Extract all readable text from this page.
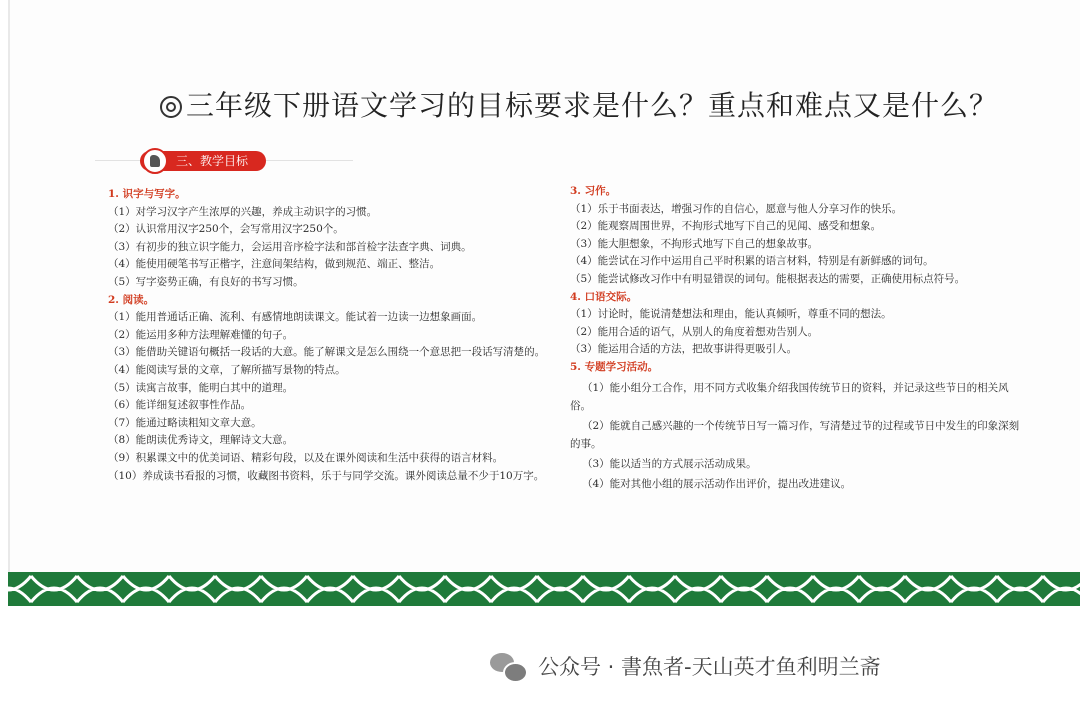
三年级下册语文学习的目标要求是什么？重点和难点又是什么？
三、教学目标
1. 识字与写字。
（1）对学习汉字产生浓厚的兴趣，养成主动识字的习惯。
（2）认识常用汉字250个，会写常用汉字250个。
（3）有初步的独立识字能力，会运用音序检字法和部首检字法查字典、词典。
（4）能使用硬笔书写正楷字，注意间架结构，做到规范、端正、整洁。
（5）写字姿势正确，有良好的书写习惯。
2. 阅读。
（1）能用普通话正确、流利、有感情地朗读课文。能试着一边读一边想象画面。
（2）能运用多种方法理解难懂的句子。
（3）能借助关键语句概括一段话的大意。能了解课文是怎么围绕一个意思把一段话写清楚的。
（4）能阅读写景的文章，了解所描写景物的特点。
（5）读寓言故事，能明白其中的道理。
（6）能详细复述叙事性作品。
（7）能通过略读粗知文章大意。
（8）能朗读优秀诗文，理解诗文大意。
（9）积累课文中的优美词语、精彩句段，以及在课外阅读和生活中获得的语言材料。
（10）养成读书看报的习惯，收藏图书资料，乐于与同学交流。课外阅读总量不少于10万字。
3. 习作。
（1）乐于书面表达，增强习作的自信心，愿意与他人分享习作的快乐。
（2）能观察周围世界，不拘形式地写下自己的见闻、感受和想象。
（3）能大胆想象，不拘形式地写下自己的想象故事。
（4）能尝试在习作中运用自己平时积累的语言材料，特别是有新鲜感的词句。
（5）能尝试修改习作中有明显错误的词句。能根据表达的需要，正确使用标点符号。
4. 口语交际。
（1）讨论时，能说清楚想法和理由，能认真倾听，尊重不同的想法。
（2）能用合适的语气，从别人的角度着想劝告别人。
（3）能运用合适的方法，把故事讲得更吸引人。
5. 专题学习活动。
（1）能小组分工合作，用不同方式收集介绍我国传统节日的资料，并记录这些节日的相关风俗。
（2）能就自己感兴趣的一个传统节日写一篇习作，写清楚过节的过程或节日中发生的印象深刻的事。
（3）能以适当的方式展示活动成果。
（4）能对其他小组的展示活动作出评价，提出改进建议。
公众号 · 書魚者-天山英才鱼利明兰斋
